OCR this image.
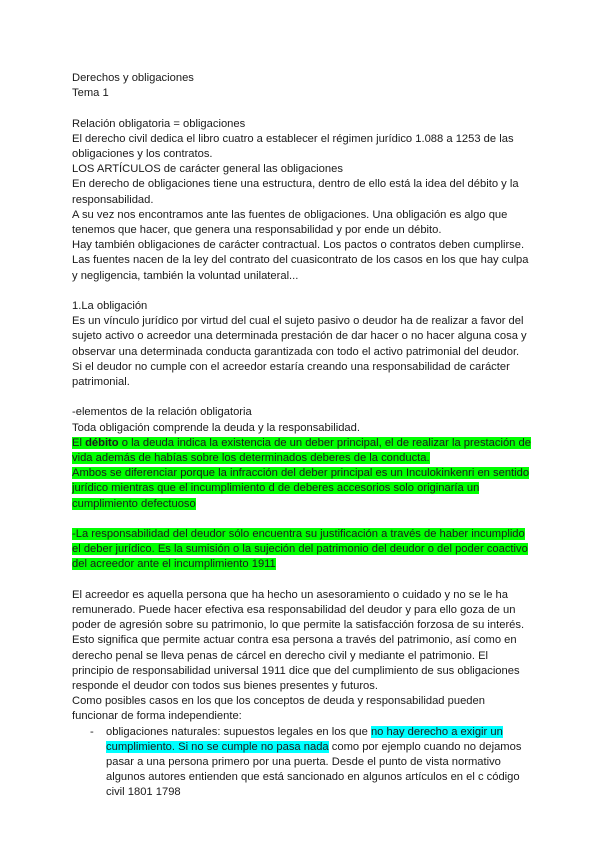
Derechos y obligaciones

Tema 1

Relación obligatoria = obligaciones

El derecho civil dedica el libro cuatro a establecer el régimen jurídico 1.088 a 1253 de las obligaciones y los contratos.

LOS ARTÍCULOS de carácter general las obligaciones

En derecho de obligaciones tiene una estructura, dentro de ello está la idea del débito y la responsabilidad.

A su vez nos encontramos ante las fuentes de obligaciones. Una obligación es algo que tenemos que hacer, que genera una responsabilidad y por ende un débito.

Hay también obligaciones de carácter contractual. Los pactos o contratos deben cumplirse.

Las fuentes nacen de la ley del contrato del cuasicontrato de los casos en los que hay culpa y negligencia, también la voluntad unilateral...

1.La obligación

Es un vínculo jurídico por virtud del cual el sujeto pasivo o deudor ha de realizar a favor del sujeto activo o acreedor una determinada prestación de dar hacer o no hacer alguna cosa y observar una determinada conducta garantizada con todo el activo patrimonial del deudor.

Si el deudor no cumple con el acreedor estaría creando una responsabilidad de carácter patrimonial.

-elementos de la relación obligatoria

Toda obligación comprende la deuda y la responsabilidad.

El débito o la deuda indica la existencia de un deber principal, el de realizar la prestación de vida además de habías sobre los determinados deberes de la conducta.

Ambos se diferenciar porque la infracción del deber principal es un Inculokinkenri en sentido jurídico mientras que el incumplimiento d de deberes accesorios solo originaría un cumplimiento defectuoso

-La responsabilidad del deudor sólo encuentra su justificación a través de haber incumplido el deber jurídico. Es la sumisión o la sujeción del patrimonio del deudor o del poder coactivo del acreedor ante el incumplimiento 1911

El acreedor es aquella persona que ha hecho un asesoramiento o cuidado y no se le ha remunerado. Puede hacer efectiva esa responsabilidad del deudor y para ello goza de un poder de agresión sobre su patrimonio, lo que permite la satisfacción forzosa de su interés.

Esto significa que permite actuar contra esa persona a través del patrimonio, así como en derecho penal se lleva penas de cárcel en derecho civil y mediante el patrimonio. El principio de responsabilidad universal 1911 dice que del cumplimiento de sus obligaciones responde el deudor con todos sus bienes presentes y futuros.

Como posibles casos en los que los conceptos de deuda y responsabilidad pueden funcionar de forma independiente:

-	obligaciones naturales: supuestos legales en los que no hay derecho a exigir un cumplimiento. Si no se cumple no pasa nada como por ejemplo cuando no dejamos pasar a una persona primero por una puerta. Desde el punto de vista normativo algunos autores entienden que está sancionado en algunos artículos en el c código civil 1801 1798
